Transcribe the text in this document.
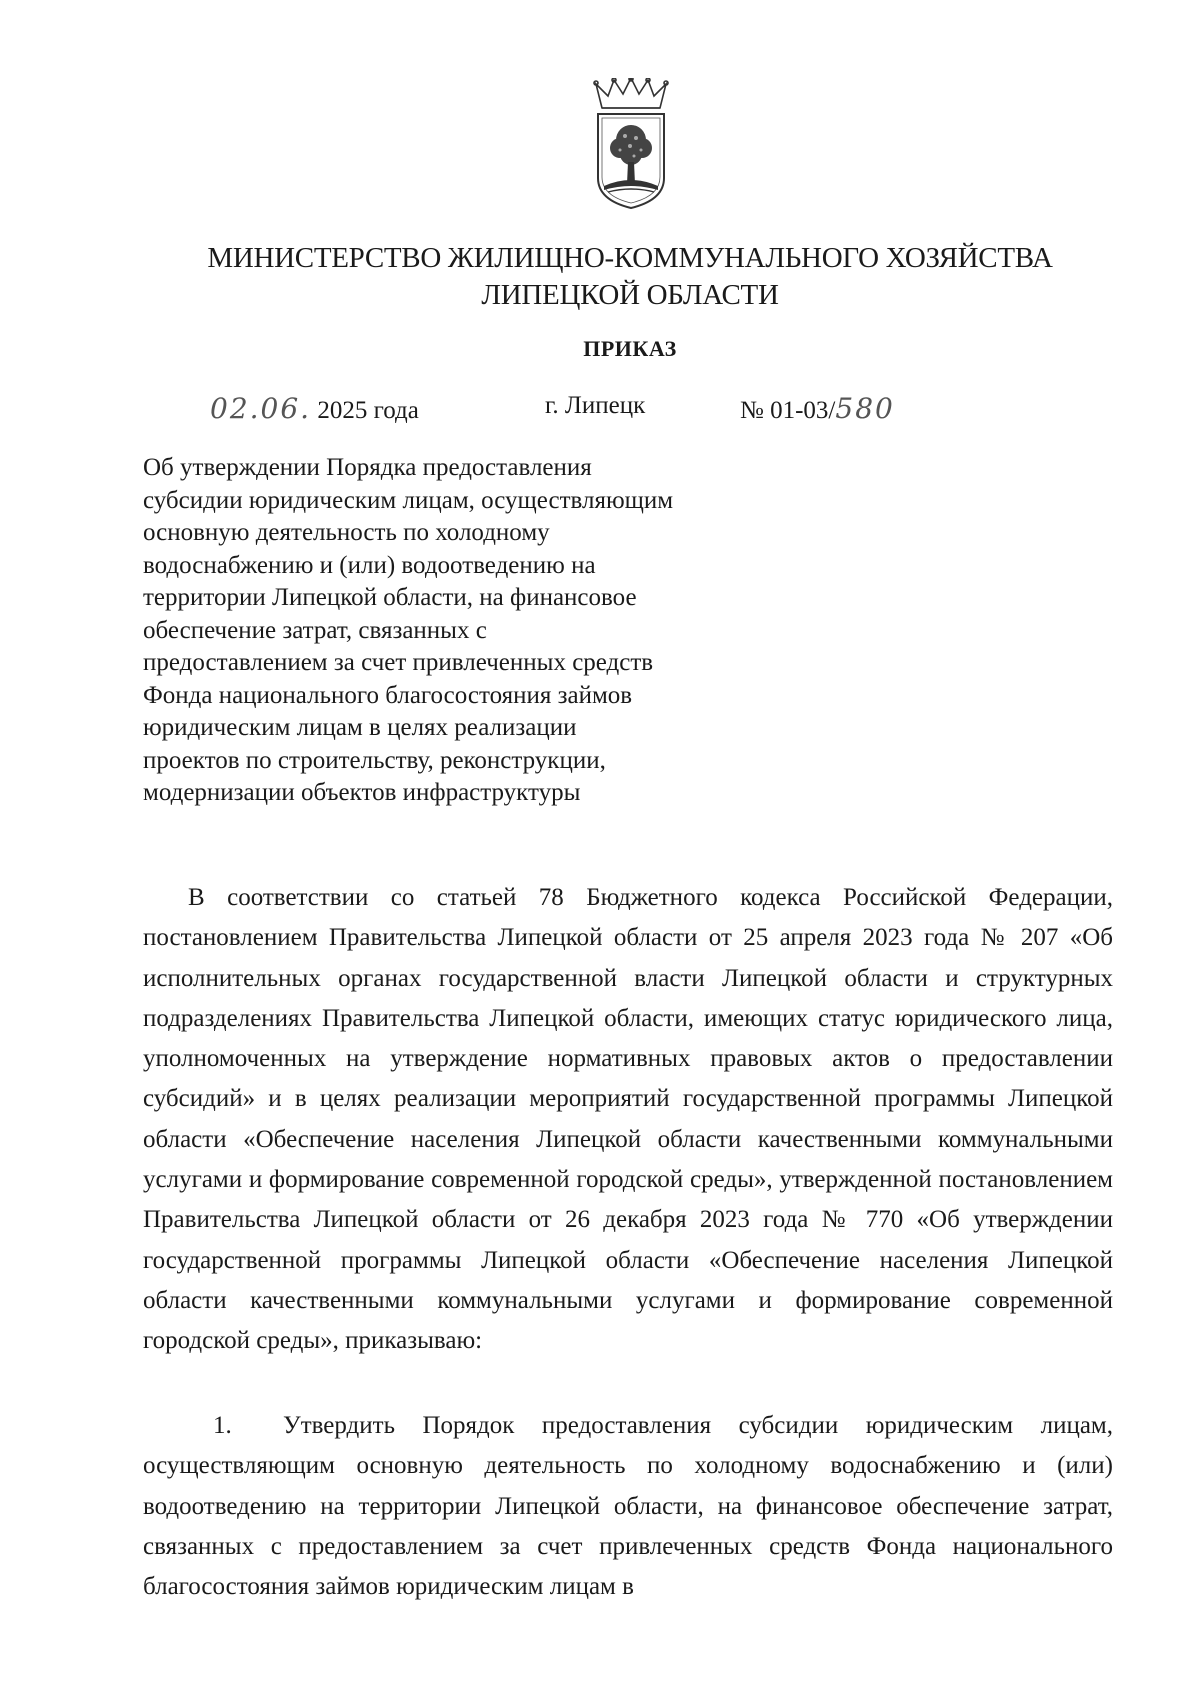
МИНИСТЕРСТВО ЖИЛИЩНО-КОММУНАЛЬНОГО ХОЗЯЙСТВА
ЛИПЕЦКОЙ ОБЛАСТИ
ПРИКАЗ
02.06. 2025 года	г. Липецк	№ 01-03/580
Об утверждении Порядка предоставления
субсидии юридическим лицам, осуществляющим
основную деятельность по холодному
водоснабжению и (или) водоотведению на
территории Липецкой области, на финансовое
обеспечение затрат, связанных с
предоставлением за счет привлеченных средств
Фонда национального благосостояния займов
юридическим лицам в целях реализации
проектов по строительству, реконструкции,
модернизации объектов инфраструктуры

В соответствии со статьей 78 Бюджетного кодекса Российской Федерации, постановлением Правительства Липецкой области от 25 апреля 2023 года № 207 «Об исполнительных органах государственной власти Липецкой области и структурных подразделениях Правительства Липецкой области, имеющих статус юридического лица, уполномоченных на утверждение нормативных правовых актов о предоставлении субсидий» и в целях реализации мероприятий государственной программы Липецкой области «Обеспечение населения Липецкой области качественными коммунальными услугами и формирование современной городской среды», утвержденной постановлением Правительства Липецкой области от 26 декабря 2023 года № 770 «Об утверждении государственной программы Липецкой области «Обеспечение населения Липецкой области качественными коммунальными услугами и формирование современной городской среды», приказываю:

1. Утвердить Порядок предоставления субсидии юридическим лицам, осуществляющим основную деятельность по холодному водоснабжению и (или) водоотведению на территории Липецкой области, на финансовое обеспечение затрат, связанных с предоставлением за счет привлеченных средств Фонда национального благосостояния займов юридическим лицам в
